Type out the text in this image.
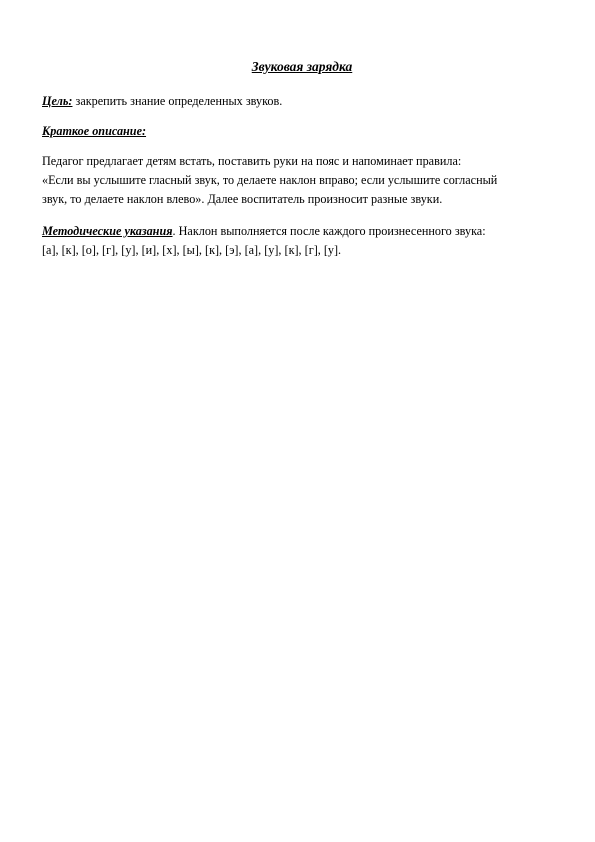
Звуковая зарядка
Цель: закрепить знание определенных звуков.
Краткое описание:
Педагог предлагает детям встать, поставить руки на пояс и напоминает правила:
«Если вы услышите гласный звук, то делаете наклон вправо; если услышите согласный
звук, то делаете наклон влево». Далее воспитатель произносит разные звуки.
Методические указания. Наклон выполняется после каждого произнесенного звука:
[а], [к], [о], [г], [у], [и], [х], [ы], [к], [э], [а], [у], [к], [г], [у].
